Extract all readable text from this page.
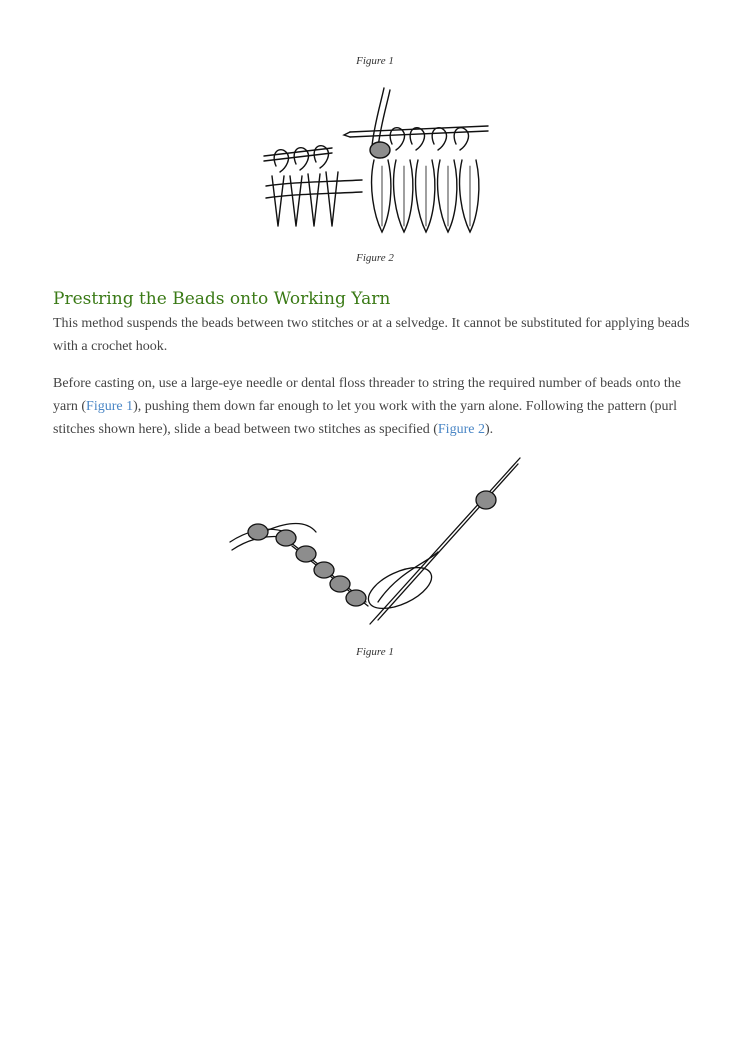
Figure 1
Figure 2
Prestring the Beads onto Working Yarn

This method suspends the beads between two stitches or at a selvedge. It cannot be substituted for applying beads with a crochet hook.

Before casting on, use a large-eye needle or dental floss threader to string the required number of beads onto the yarn (Figure 1), pushing them down far enough to let you work with the yarn alone. Following the pattern (purl stitches shown here), slide a bead between two stitches as specified (Figure 2).

Figure 1
